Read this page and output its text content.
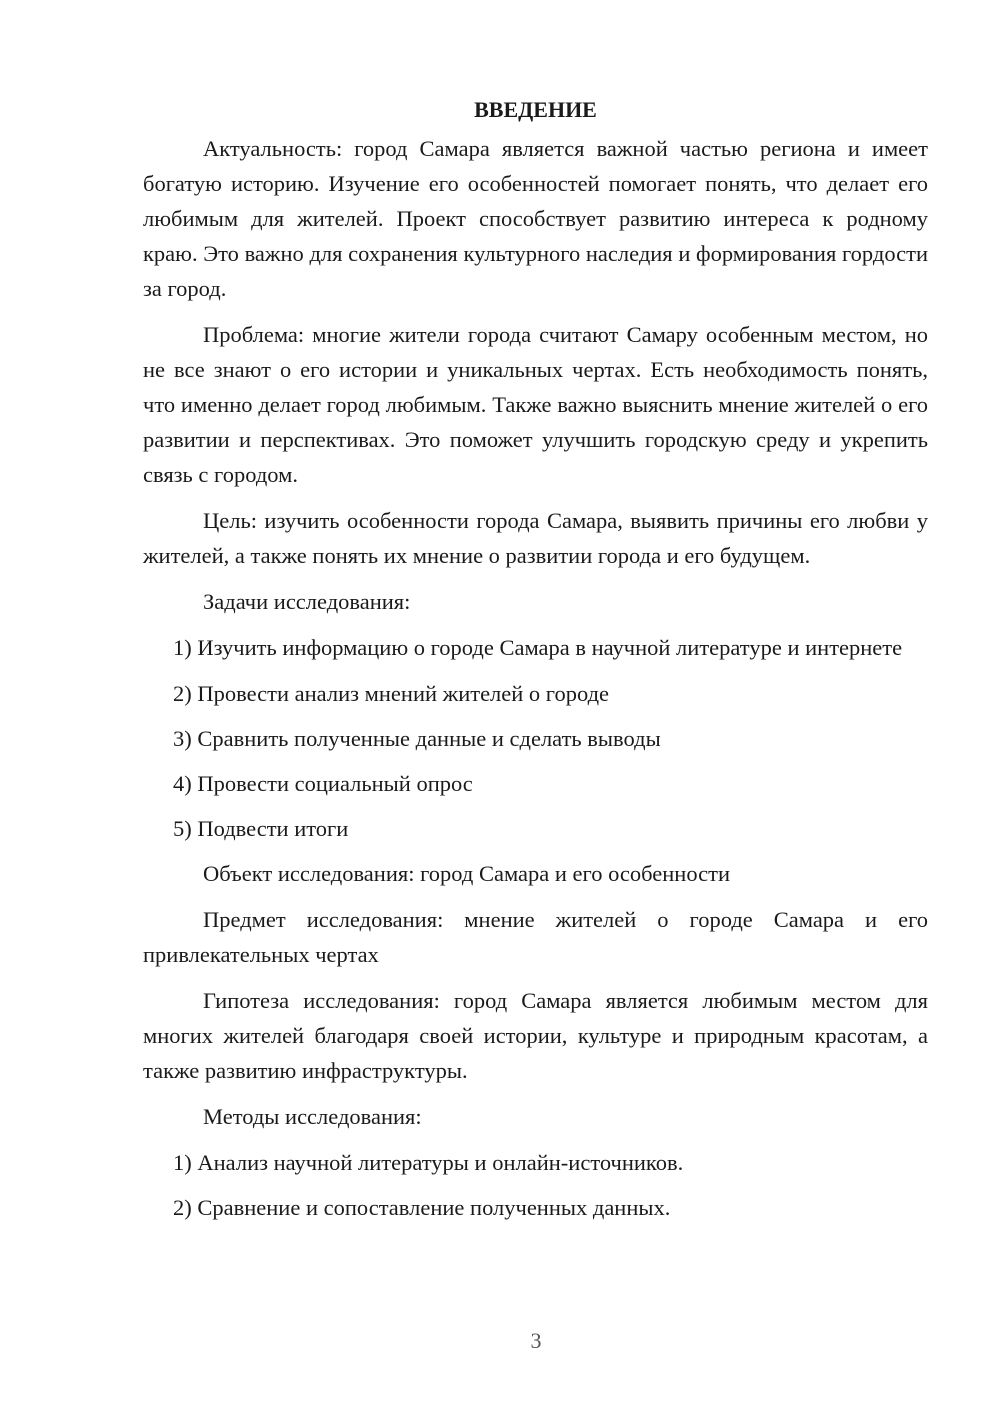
ВВЕДЕНИЕ

Актуальность: город Самара является важной частью региона и имеет богатую историю. Изучение его особенностей помогает понять, что делает его любимым для жителей. Проект способствует развитию интереса к родному краю. Это важно для сохранения культурного наследия и формирования гордости за город.

Проблема: многие жители города считают Самару особенным местом, но не все знают о его истории и уникальных чертах. Есть необходимость понять, что именно делает город любимым. Также важно выяснить мнение жителей о его развитии и перспективах. Это поможет улучшить городскую среду и укрепить связь с городом.

Цель: изучить особенности города Самара, выявить причины его любви у жителей, а также понять их мнение о развитии города и его будущем.

Задачи исследования:

1) Изучить информацию о городе Самара в научной литературе и интернете

2) Провести анализ мнений жителей о городе

3) Сравнить полученные данные и сделать выводы

4) Провести социальный опрос

5) Подвести итоги

Объект исследования: город Самара и его особенности

Предмет исследования: мнение жителей о городе Самара и его привлекательных чертах

Гипотеза исследования: город Самара является любимым местом для многих жителей благодаря своей истории, культуре и природным красотам, а также развитию инфраструктуры.

Методы исследования:

1) Анализ научной литературы и онлайн-источников.

2) Сравнение и сопоставление полученных данных.

3
